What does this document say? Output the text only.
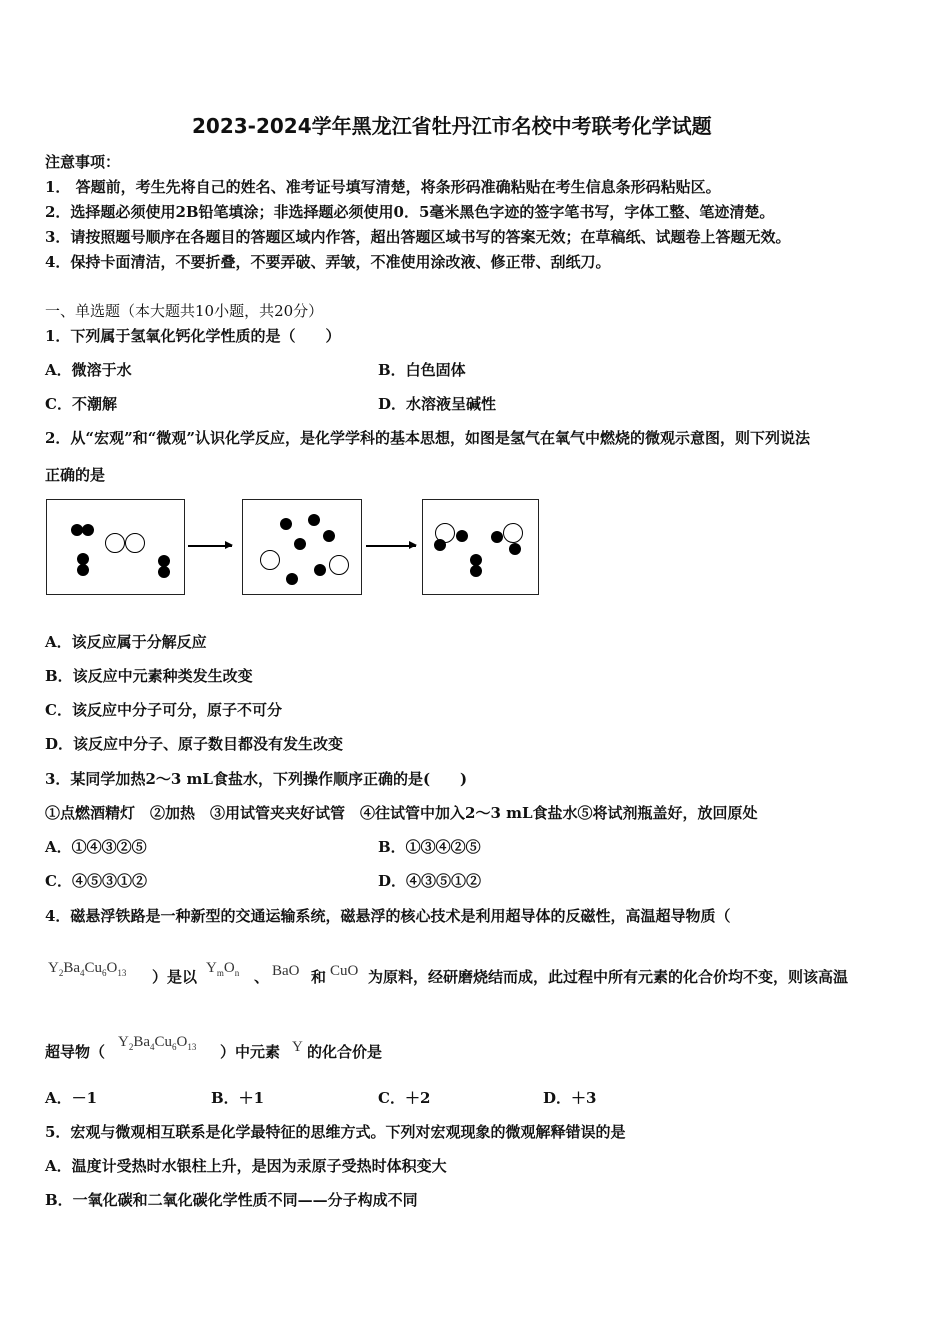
2023-2024学年黑龙江省牡丹江市名校中考联考化学试题
注意事项：
1． 答题前，考生先将自己的姓名、准考证号填写清楚，将条形码准确粘贴在考生信息条形码粘贴区。
2．选择题必须使用2B铅笔填涂；非选择题必须使用0．5毫米黑色字迹的签字笔书写，字体工整、笔迹清楚。
3．请按照题号顺序在各题目的答题区域内作答，超出答题区域书写的答案无效；在草稿纸、试题卷上答题无效。
4．保持卡面清洁，不要折叠，不要弄破、弄皱，不准使用涂改液、修正带、刮纸刀。
一、单选题（本大题共10小题，共20分）
1．下列属于氢氧化钙化学性质的是（　　）
A．微溶于水	B．白色固体
C．不潮解	D．水溶液呈碱性
2．从“宏观”和“微观”认识化学反应，是化学学科的基本思想，如图是氢气在氧气中燃烧的微观示意图，则下列说法
正确的是
A．该反应属于分解反应
B．该反应中元素种类发生改变
C．该反应中分子可分，原子不可分
D．该反应中分子、原子数目都没有发生改变
3．某同学加热2～3 mL食盐水，下列操作顺序正确的是(　　)
①点燃酒精灯　②加热　③用试管夹夹好试管　④往试管中加入2～3 mL食盐水⑤将试剂瓶盖好，放回原处
A．①④③②⑤	B．①③④②⑤
C．④⑤③①②	D．④③⑤①②
4．磁悬浮铁路是一种新型的交通运输系统，磁悬浮的核心技术是利用超导体的反磁性，高温超导物质（
$Y_2Ba_4Cu_6O_{13}$ ）是以 $Y_mO_n$ 、 BaO 和 CuO 为原料，经研磨烧结而成，此过程中所有元素的化合价均不变，则该高温
超导物（
$Y_2Ba_4Cu_6O_{13}$ ）中元素 Y 的化合价是
A．－1	B．＋1	C．＋2	D．＋3
5．宏观与微观相互联系是化学最特征的思维方式。下列对宏观现象的微观解释错误的是
A．温度计受热时水银柱上升，是因为汞原子受热时体积变大
B．一氧化碳和二氧化碳化学性质不同——分子构成不同
